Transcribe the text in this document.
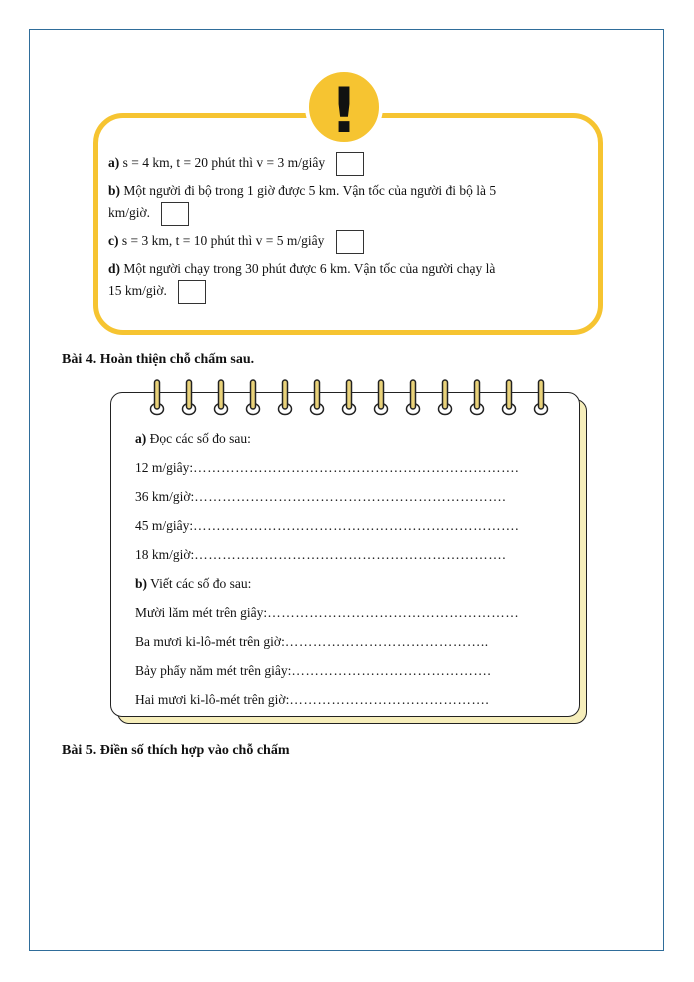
!

a) s = 4 km, t = 20 phút thì v = 3 m/giây

b) Một người đi bộ trong 1 giờ được 5 km. Vận tốc của người đi bộ là 5

km/giờ.

c) s = 3 km, t = 10 phút thì v = 5 m/giây

d) Một người chạy trong 30 phút được 6 km. Vận tốc của người chạy là

15 km/giờ.

Bài 4. Hoàn thiện chỗ chấm sau.
a) Đọc các số đo sau:
12 m/giây:…………………………………………………………….
36 km/giờ:………………………………………………………….
45 m/giây:…………………………………………………………….
18 km/giờ:………………………………………………………….
b) Viết các số đo sau:
Mười lăm mét trên giây:………………………………………………
Ba mươi ki-lô-mét trên giờ:……………………………………..
Bảy phẩy năm mét trên giây:…………………………………….
Hai mươi ki-lô-mét trên giờ:…………………………………….
Bài 5. Điền số thích hợp vào chỗ chấm
